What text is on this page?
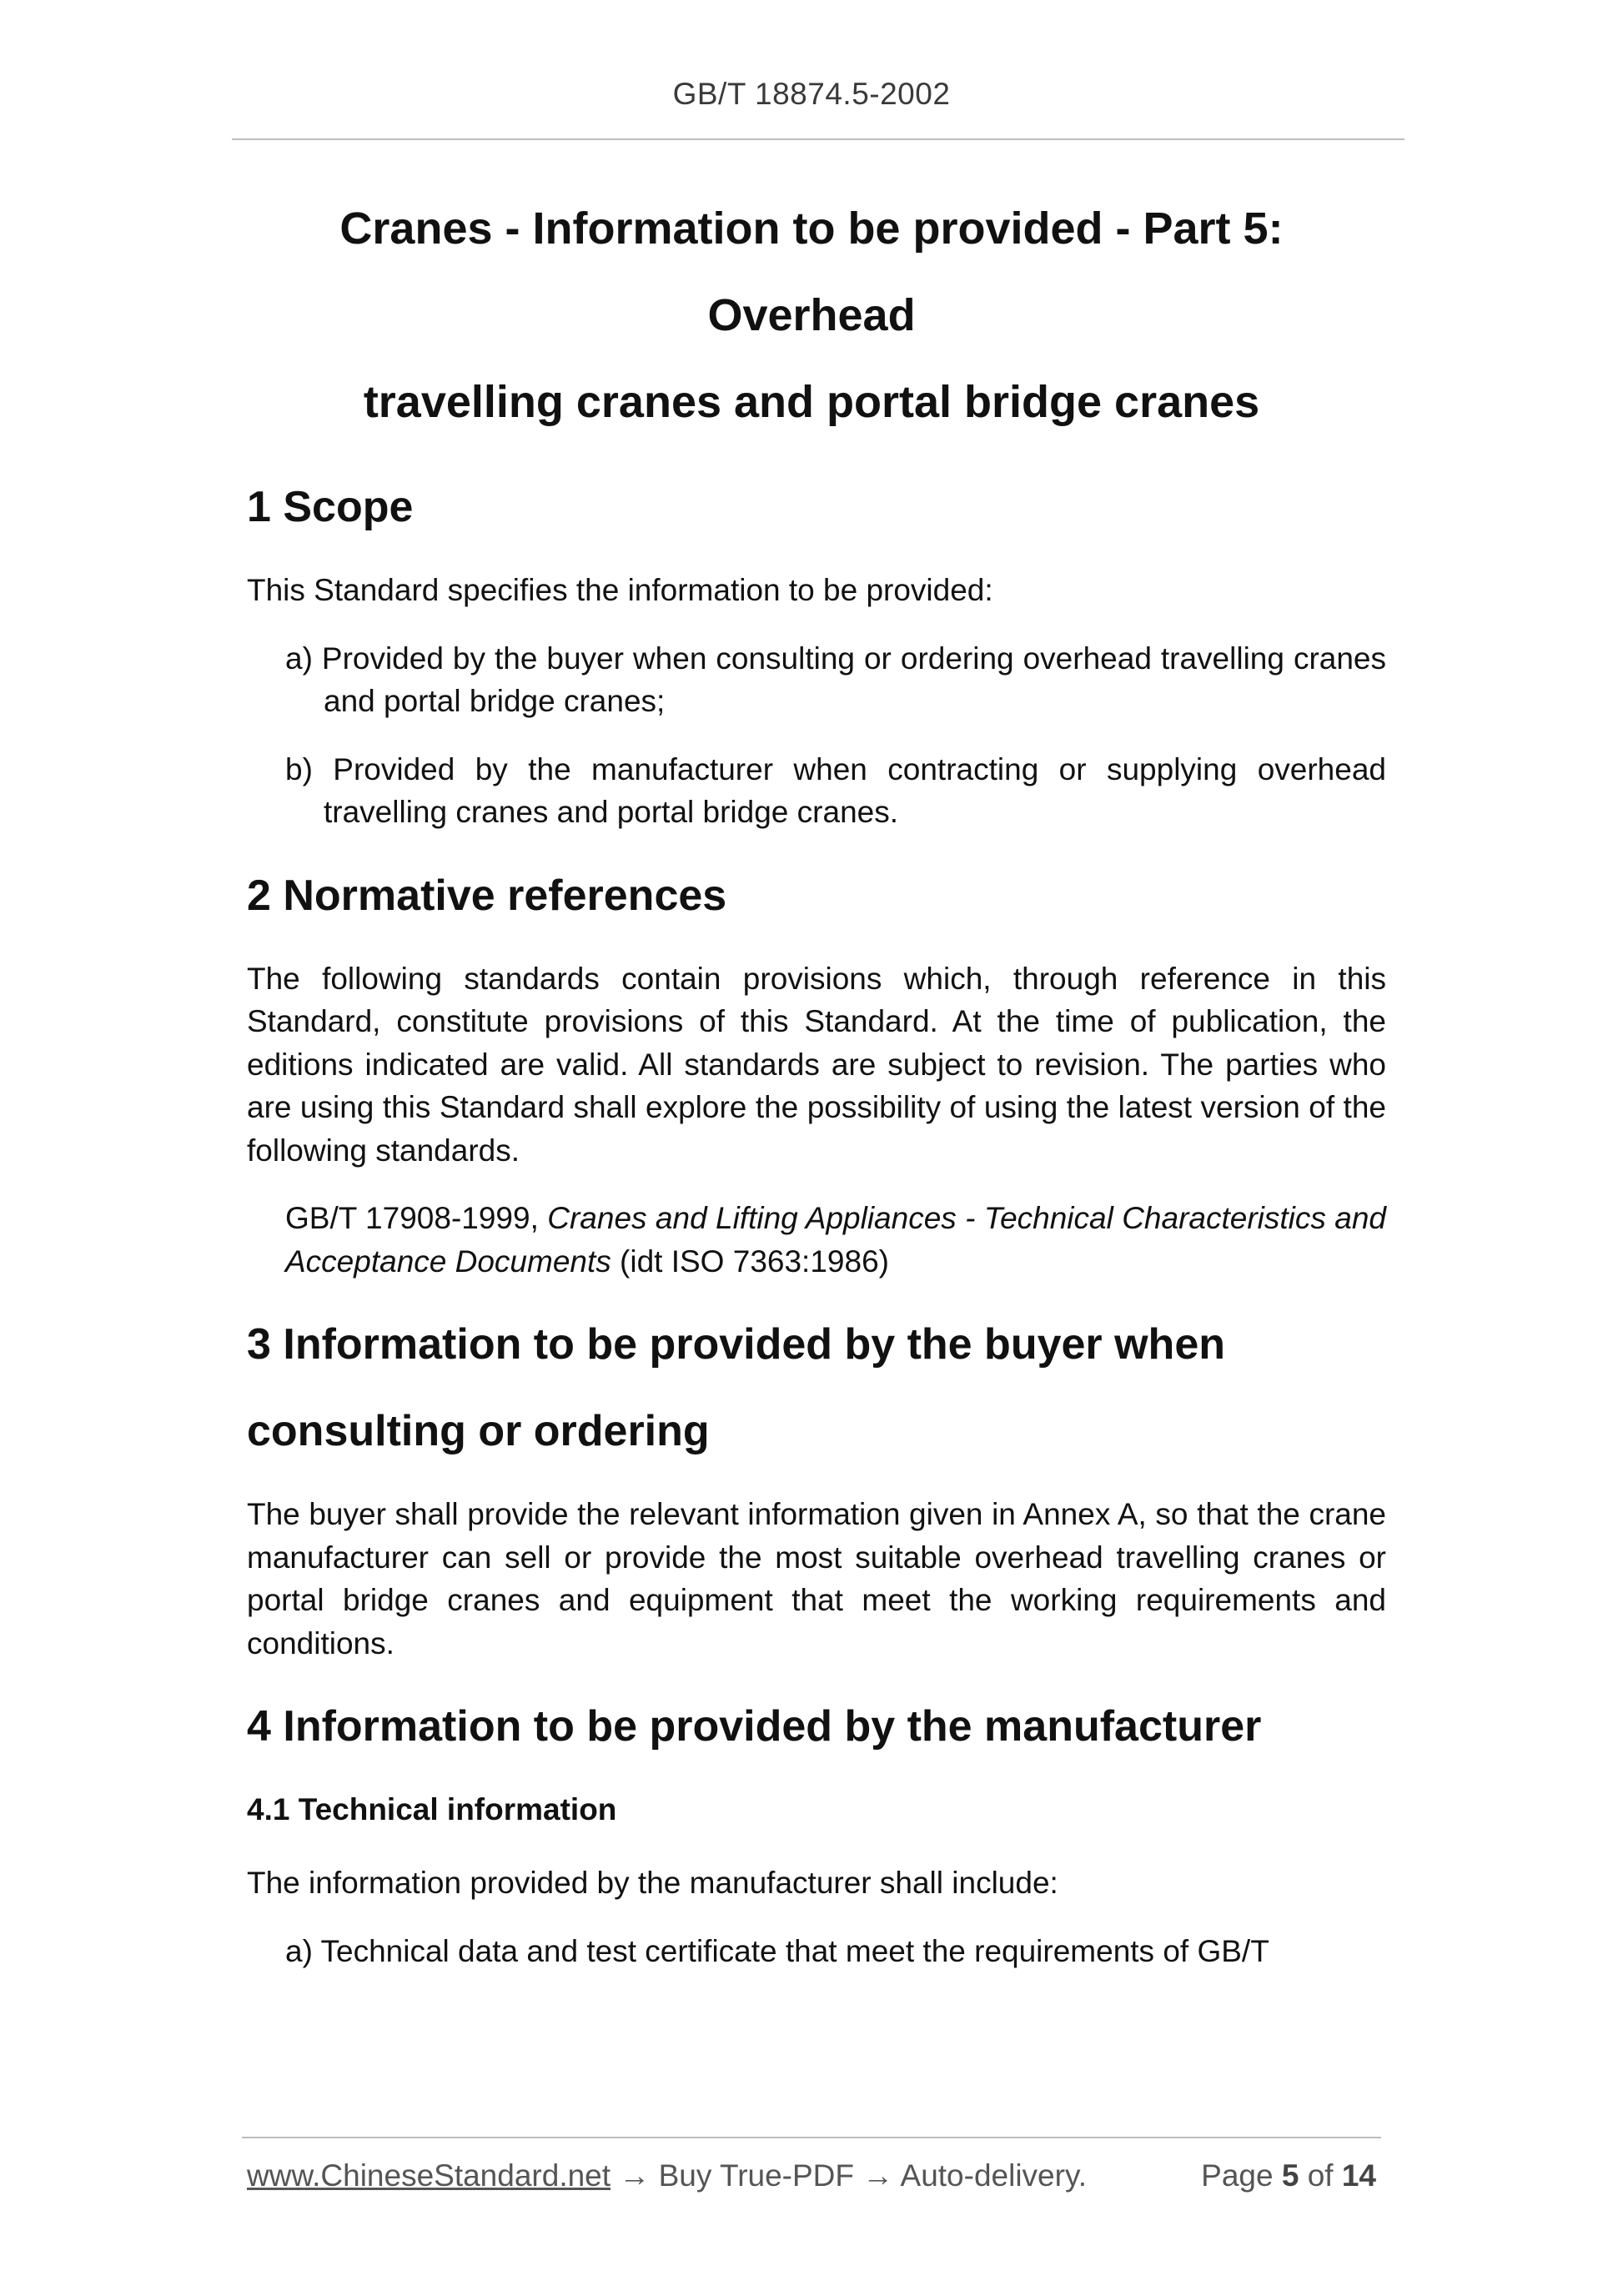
GB/T 18874.5-2002
Cranes - Information to be provided - Part 5: Overhead
travelling cranes and portal bridge cranes
1 Scope

This Standard specifies the information to be provided:

a) Provided by the buyer when consulting or ordering overhead travelling cranes and portal bridge cranes;

b) Provided by the manufacturer when contracting or supplying overhead travelling cranes and portal bridge cranes.

2 Normative references

The following standards contain provisions which, through reference in this Standard, constitute provisions of this Standard. At the time of publication, the editions indicated are valid. All standards are subject to revision. The parties who are using this Standard shall explore the possibility of using the latest version of the following standards.

GB/T 17908-1999, Cranes and Lifting Appliances - Technical Characteristics and Acceptance Documents (idt ISO 7363:1986)

3 Information to be provided by the buyer when
consulting or ordering

The buyer shall provide the relevant information given in Annex A, so that the crane manufacturer can sell or provide the most suitable overhead travelling cranes or portal bridge cranes and equipment that meet the working requirements and conditions.

4 Information to be provided by the manufacturer
4.1 Technical information

The information provided by the manufacturer shall include:

a) Technical data and test certificate that meet the requirements of GB/T

www.ChineseStandard.net → Buy True-PDF → Auto-delivery.	Page 5 of 14
